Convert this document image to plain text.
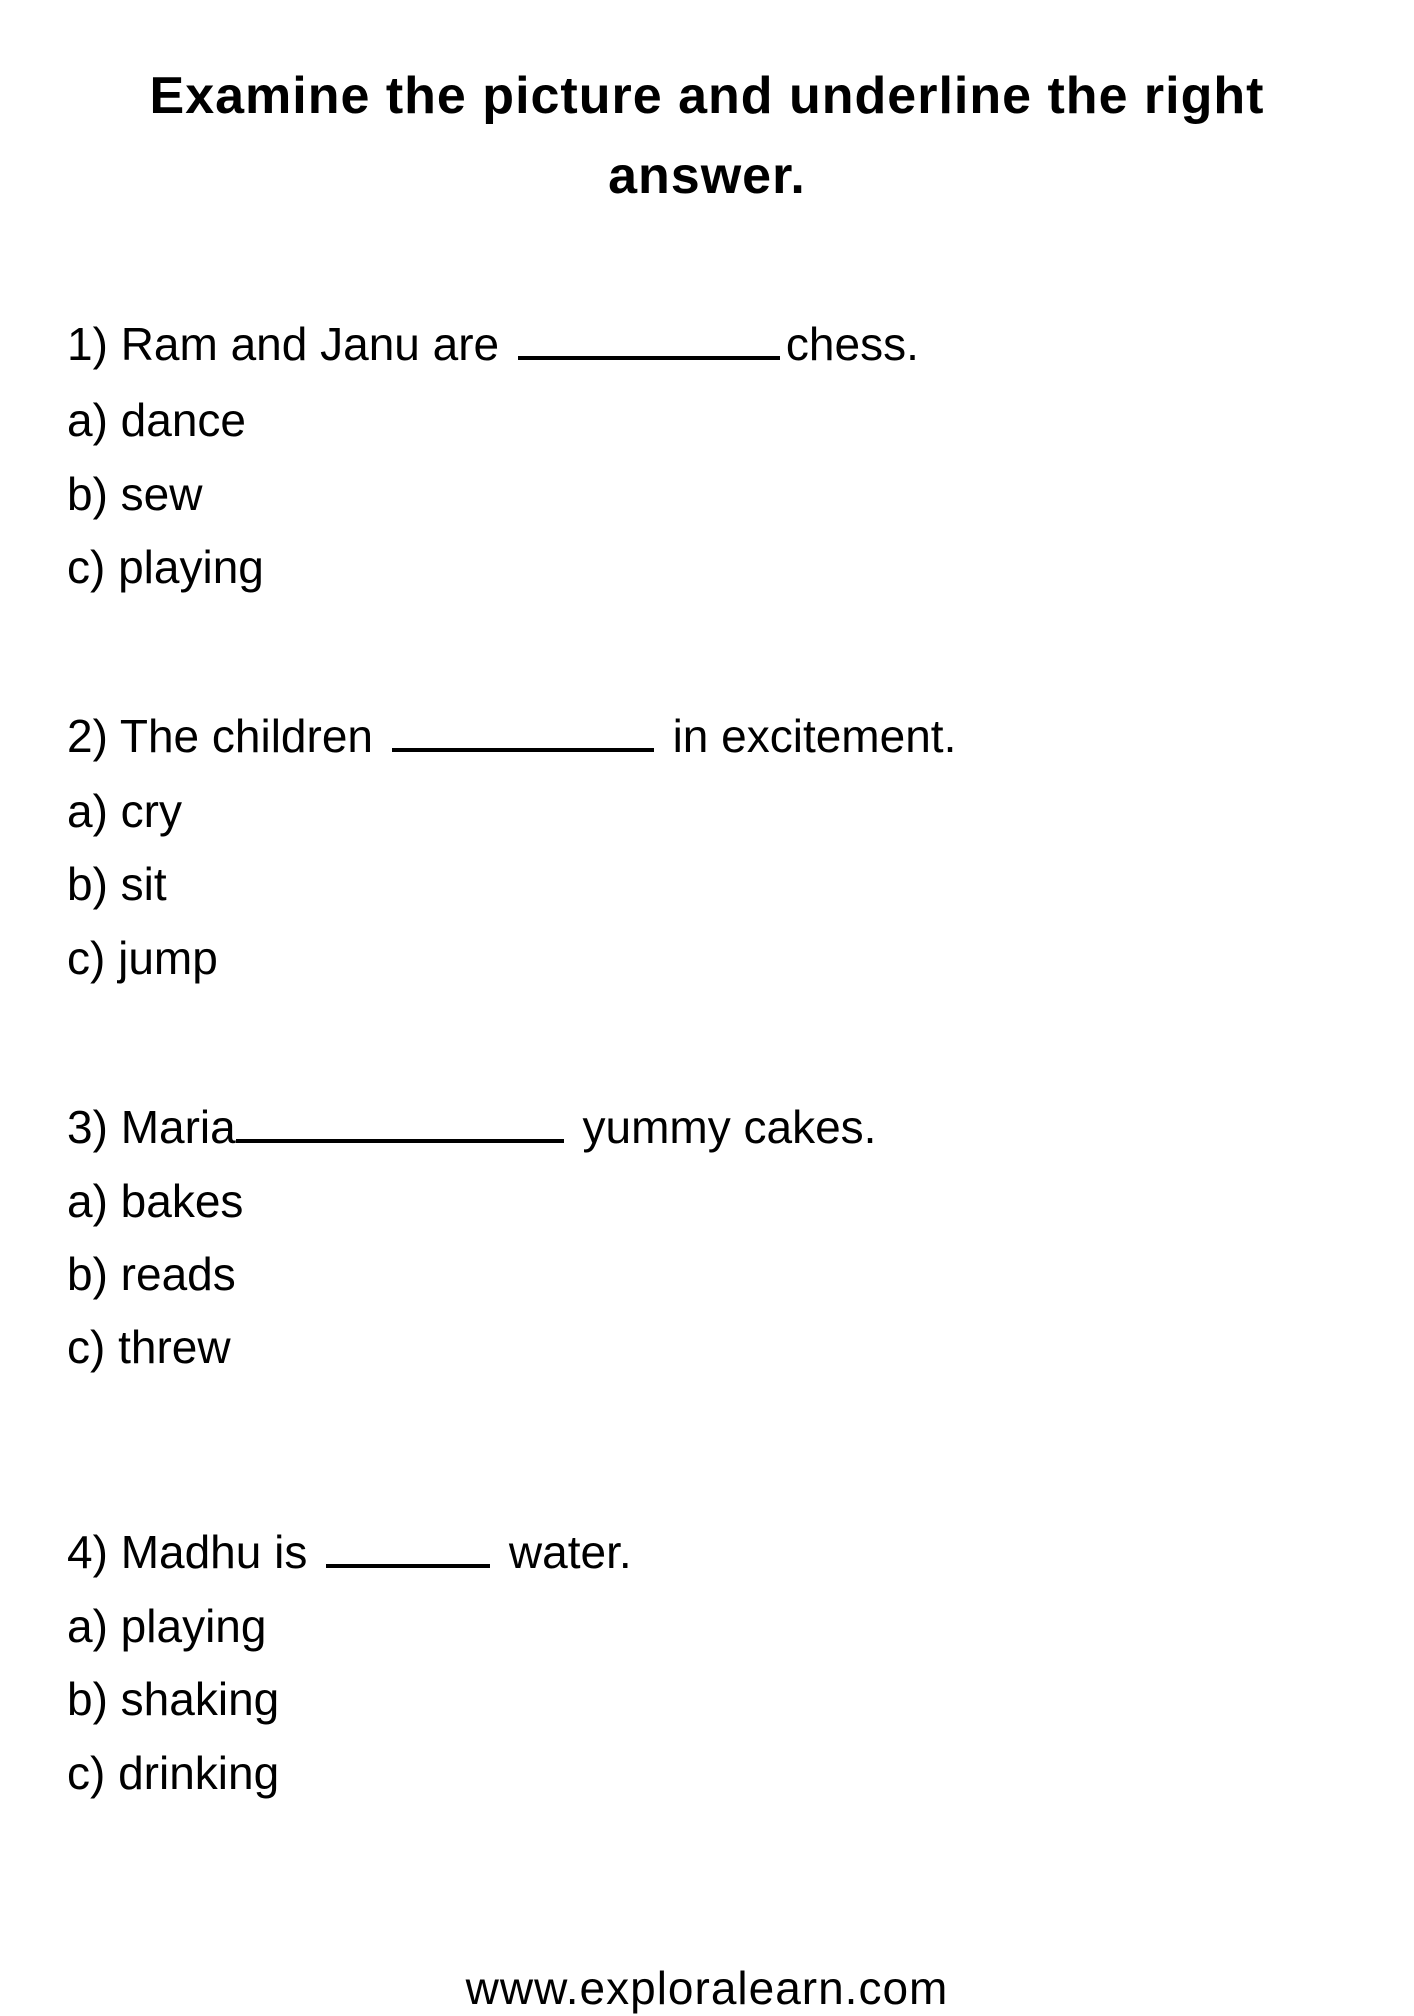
Examine the picture and underline the right
answer.
1) Ram and Janu are	chess.
a) dance
b) sew
c) playing
2) The children	in excitement.
a) cry
b) sit
c) jump
3) Maria	yummy cakes.
a) bakes
b) reads
c) threw
4) Madhu is	water.
a) playing
b) shaking
c) drinking
www.exploralearn.com
